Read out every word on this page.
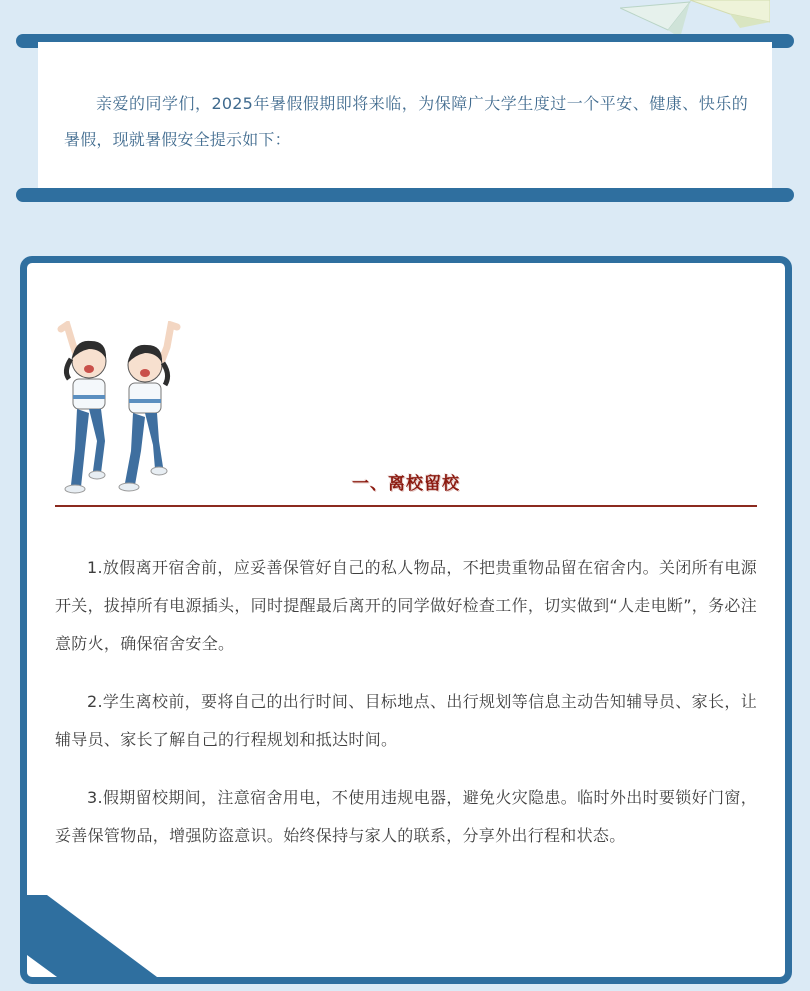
亲爱的同学们，2025年暑假假期即将来临，为保障广大学生度过一个平安、健康、快乐的暑假，现就暑假安全提示如下：

一、离校留校

1.放假离开宿舍前，应妥善保管好自己的私人物品，不把贵重物品留在宿舍内。关闭所有电源开关，拔掉所有电源插头，同时提醒最后离开的同学做好检查工作，切实做到“人走电断”，务必注意防火，确保宿舍安全。

2.学生离校前，要将自己的出行时间、目标地点、出行规划等信息主动告知辅导员、家长，让辅导员、家长了解自己的行程规划和抵达时间。

3.假期留校期间，注意宿舍用电，不使用违规电器，避免火灾隐患。临时外出时要锁好门窗，妥善保管物品，增强防盗意识。始终保持与家人的联系，分享外出行程和状态。
